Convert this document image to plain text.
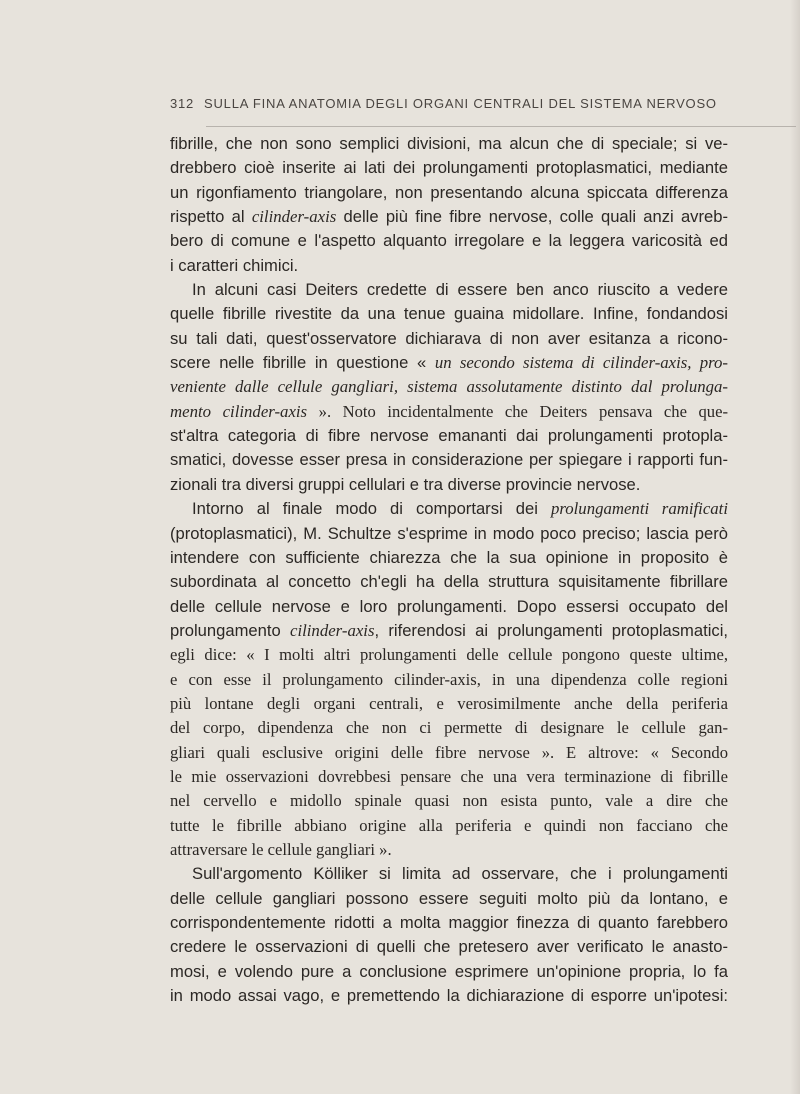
312 SULLA FINA ANATOMIA DEGLI ORGANI CENTRALI DEL SISTEMA NERVOSO
fibrille, che non sono semplici divisioni, ma alcun che di speciale; si ve-
drebbero cioè inserite ai lati dei prolungamenti protoplasmatici, mediante
un rigonfiamento triangolare, non presentando alcuna spiccata differenza
rispetto al cilinder-axis delle più fine fibre nervose, colle quali anzi avreb-
bero di comune e l'aspetto alquanto irregolare e la leggera varicosità ed
i caratteri chimici.
In alcuni casi Deiters credette di essere ben anco riuscito a vedere
quelle fibrille rivestite da una tenue guaina midollare. Infine, fondandosi
su tali dati, quest'osservatore dichiarava di non aver esitanza a ricono-
scere nelle fibrille in questione « un secondo sistema di cilinder-axis, pro-
veniente dalle cellule gangliari, sistema assolutamente distinto dal prolunga-
mento cilinder-axis ». Noto incidentalmente che Deiters pensava che que-
st'altra categoria di fibre nervose emananti dai prolungamenti protopla-
smatici, dovesse esser presa in considerazione per spiegare i rapporti fun-
zionali tra diversi gruppi cellulari e tra diverse provincie nervose.
Intorno al finale modo di comportarsi dei prolungamenti ramificati
(protoplasmatici), M. Schultze s'esprime in modo poco preciso; lascia però
intendere con sufficiente chiarezza che la sua opinione in proposito è
subordinata al concetto ch'egli ha della struttura squisitamente fibrillare
delle cellule nervose e loro prolungamenti. Dopo essersi occupato del
prolungamento cilinder-axis, riferendosi ai prolungamenti protoplasmatici,
egli dice: « I molti altri prolungamenti delle cellule pongono queste ultime,
e con esse il prolungamento cilinder-axis, in una dipendenza colle regioni
più lontane degli organi centrali, e verosimilmente anche della periferia
del corpo, dipendenza che non ci permette di designare le cellule gan-
gliari quali esclusive origini delle fibre nervose ». E altrove: « Secondo
le mie osservazioni dovrebbesi pensare che una vera terminazione di fibrille
nel cervello e midollo spinale quasi non esista punto, vale a dire che
tutte le fibrille abbiano origine alla periferia e quindi non facciano che
attraversare le cellule gangliari ».
Sull'argomento Kölliker si limita ad osservare, che i prolungamenti
delle cellule gangliari possono essere seguiti molto più da lontano, e
corrispondentemente ridotti a molta maggior finezza di quanto farebbero
credere le osservazioni di quelli che pretesero aver verificato le anasto-
mosi, e volendo pure a conclusione esprimere un'opinione propria, lo fa
in modo assai vago, e premettendo la dichiarazione di esporre un'ipotesi:
